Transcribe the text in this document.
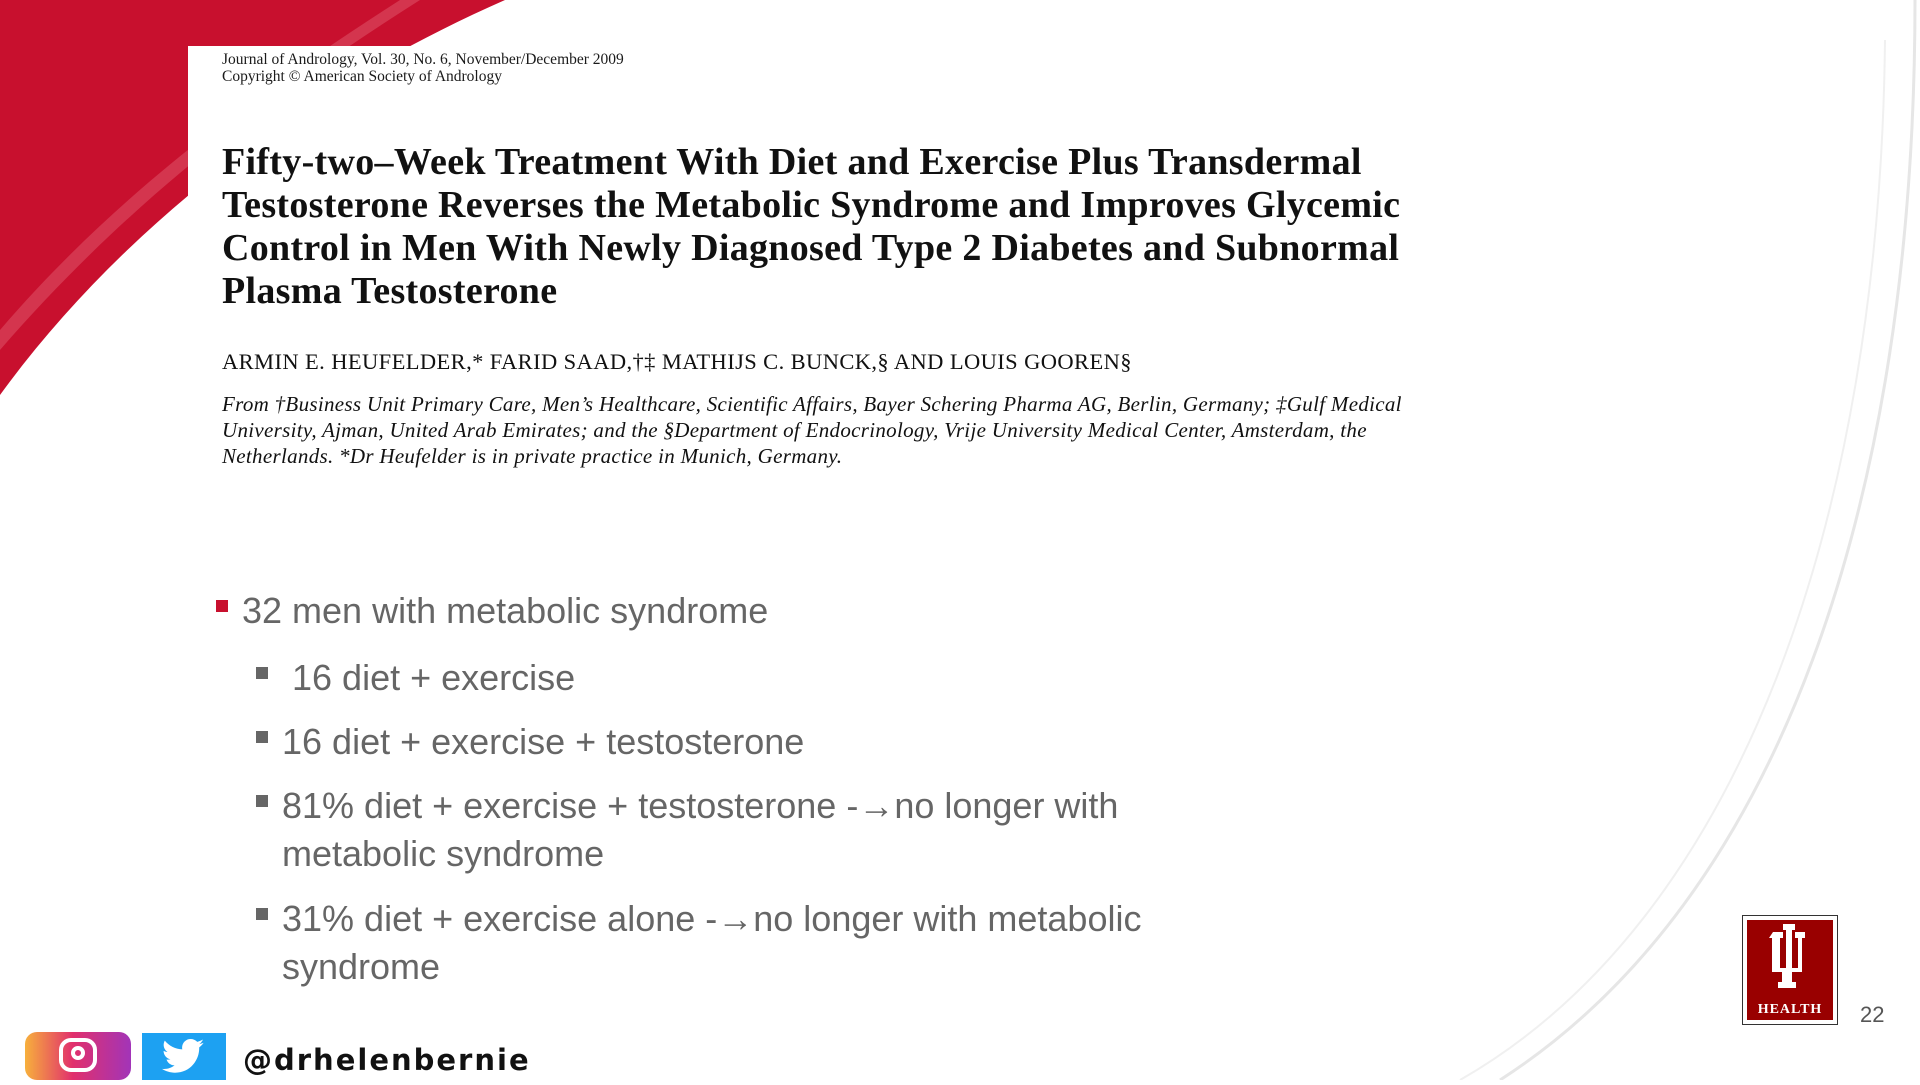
Journal of Andrology, Vol. 30, No. 6, November/December 2009
Copyright © American Society of Andrology
Fifty-two–Week Treatment With Diet and Exercise Plus Transdermal Testosterone Reverses the Metabolic Syndrome and Improves Glycemic Control in Men With Newly Diagnosed Type 2 Diabetes and Subnormal Plasma Testosterone
ARMIN E. HEUFELDER,* FARID SAAD,†‡ MATHIJS C. BUNCK,§ AND LOUIS GOOREN§
From †Business Unit Primary Care, Men’s Healthcare, Scientific Affairs, Bayer Schering Pharma AG, Berlin, Germany; ‡Gulf Medical University, Ajman, United Arab Emirates; and the §Department of Endocrinology, Vrije University Medical Center, Amsterdam, the Netherlands. *Dr Heufelder is in private practice in Munich, Germany.
32 men with metabolic syndrome
16 diet + exercise
16 diet + exercise + testosterone
81% diet + exercise + testosterone -→no longer with metabolic syndrome
31% diet + exercise alone -→no longer with metabolic syndrome
@drhelenbernie
HEALTH	22
